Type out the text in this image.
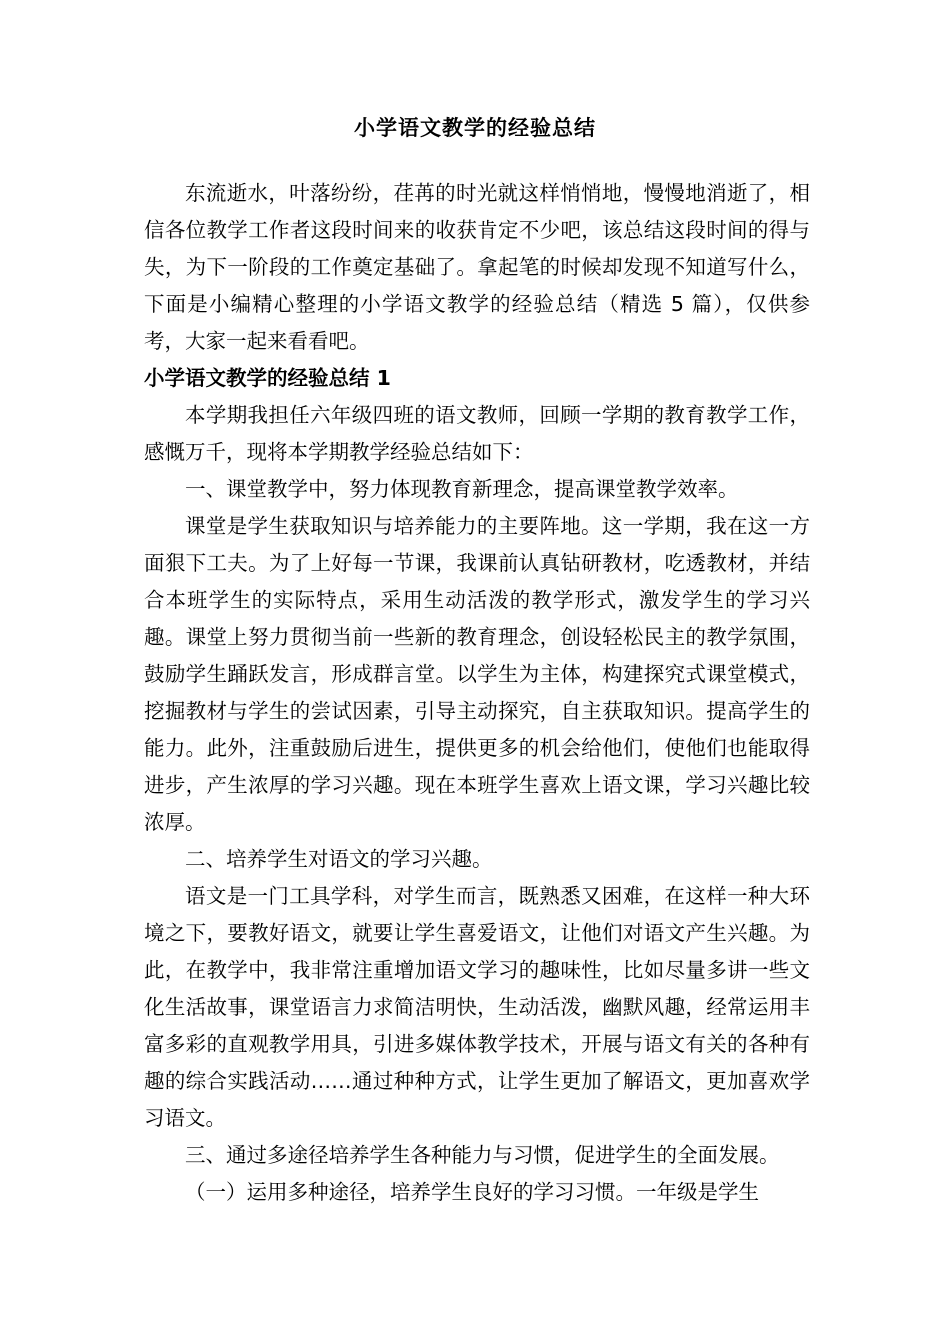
小学语文教学的经验总结

东流逝水，叶落纷纷，荏苒的时光就这样悄悄地，慢慢地消逝了，相信各位教学工作者这段时间来的收获肯定不少吧，该总结这段时间的得与失，为下一阶段的工作奠定基础了。拿起笔的时候却发现不知道写什么，下面是小编精心整理的小学语文教学的经验总结（精选 5 篇），仅供参考，大家一起来看看吧。

小学语文教学的经验总结 1

本学期我担任六年级四班的语文教师，回顾一学期的教育教学工作，感慨万千，现将本学期教学经验总结如下：

一、课堂教学中，努力体现教育新理念，提高课堂教学效率。

课堂是学生获取知识与培养能力的主要阵地。这一学期，我在这一方面狠下工夫。为了上好每一节课，我课前认真钻研教材，吃透教材，并结合本班学生的实际特点，采用生动活泼的教学形式，激发学生的学习兴趣。课堂上努力贯彻当前一些新的教育理念，创设轻松民主的教学氛围，鼓励学生踊跃发言，形成群言堂。以学生为主体，构建探究式课堂模式，挖掘教材与学生的尝试因素，引导主动探究，自主获取知识。提高学生的能力。此外，注重鼓励后进生，提供更多的机会给他们，使他们也能取得进步，产生浓厚的学习兴趣。现在本班学生喜欢上语文课，学习兴趣比较浓厚。

二、培养学生对语文的学习兴趣。

语文是一门工具学科，对学生而言，既熟悉又困难，在这样一种大环境之下，要教好语文，就要让学生喜爱语文，让他们对语文产生兴趣。为此，在教学中，我非常注重增加语文学习的趣味性，比如尽量多讲一些文化生活故事，课堂语言力求简洁明快，生动活泼，幽默风趣，经常运用丰富多彩的直观教学用具，引进多媒体教学技术，开展与语文有关的各种有趣的综合实践活动……通过种种方式，让学生更加了解语文，更加喜欢学习语文。

三、通过多途径培养学生各种能力与习惯，促进学生的全面发展。

（一）运用多种途径，培养学生良好的学习习惯。一年级是学生
